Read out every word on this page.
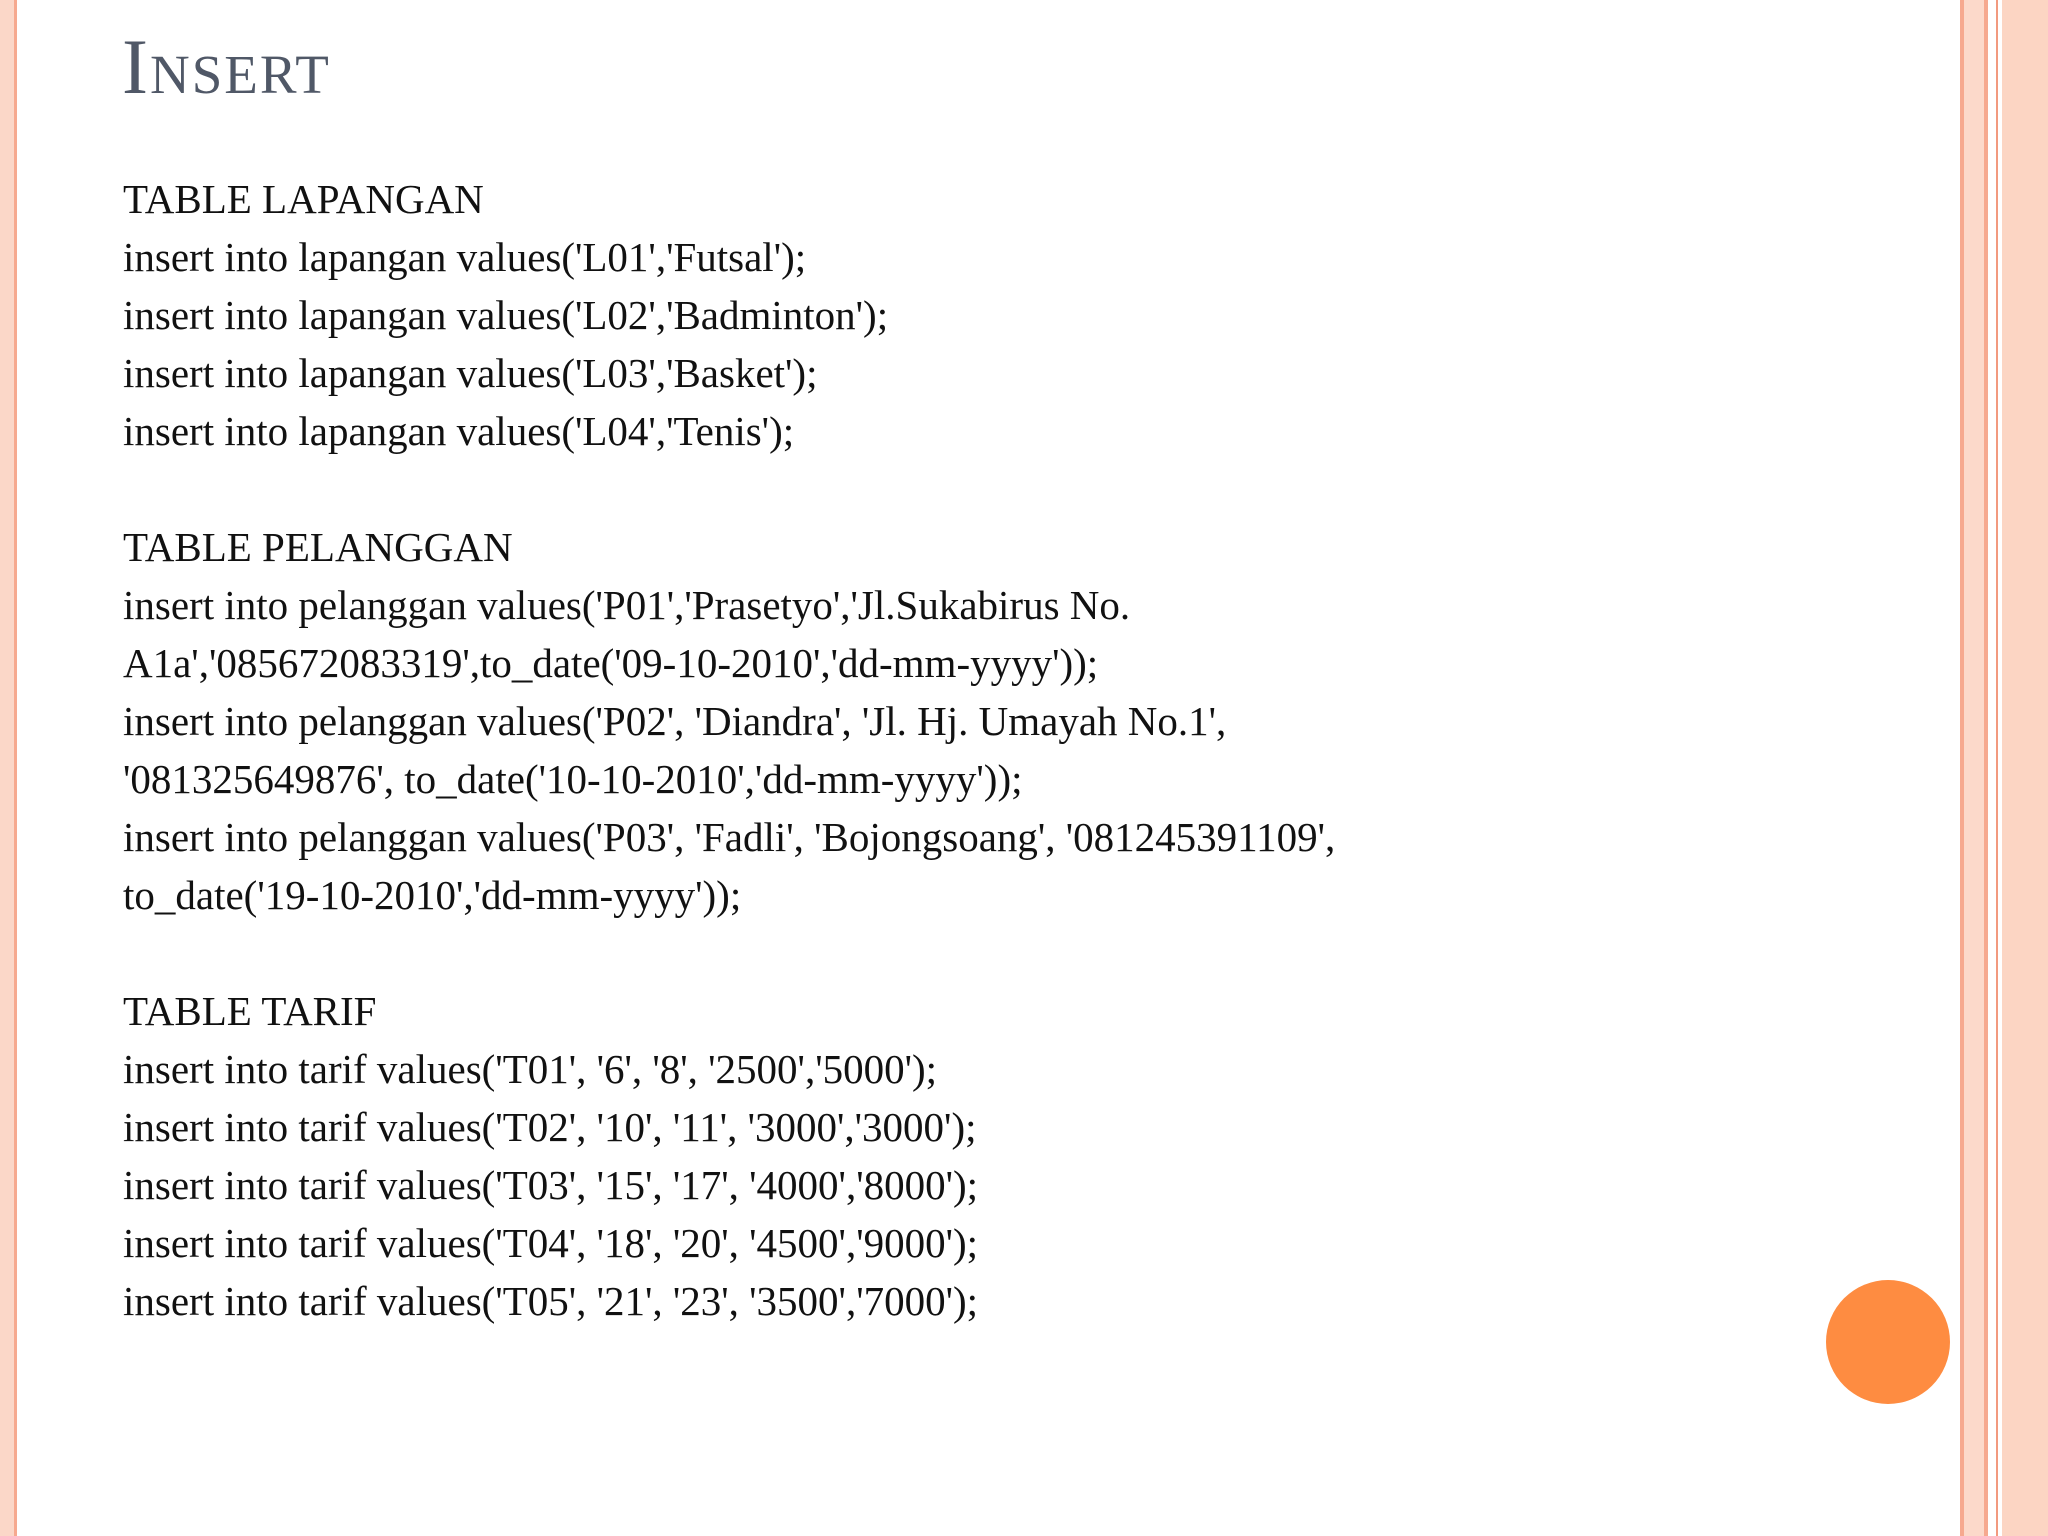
Insert
TABLE LAPANGAN
insert into lapangan values('L01','Futsal');
insert into lapangan values('L02','Badminton');
insert into lapangan values('L03','Basket');
insert into lapangan values('L04','Tenis');
TABLE PELANGGAN
insert into pelanggan values('P01','Prasetyo','Jl.Sukabirus No.
A1a','085672083319',to_date('09-10-2010','dd-mm-yyyy'));
insert into pelanggan values('P02', 'Diandra', 'Jl. Hj. Umayah No.1',
'081325649876', to_date('10-10-2010','dd-mm-yyyy'));
insert into pelanggan values('P03', 'Fadli', 'Bojongsoang', '081245391109',
to_date('19-10-2010','dd-mm-yyyy'));
TABLE TARIF
insert into tarif values('T01', '6', '8', '2500','5000');
insert into tarif values('T02', '10', '11', '3000','3000');
insert into tarif values('T03', '15', '17', '4000','8000');
insert into tarif values('T04', '18', '20', '4500','9000');
insert into tarif values('T05', '21', '23', '3500','7000');
